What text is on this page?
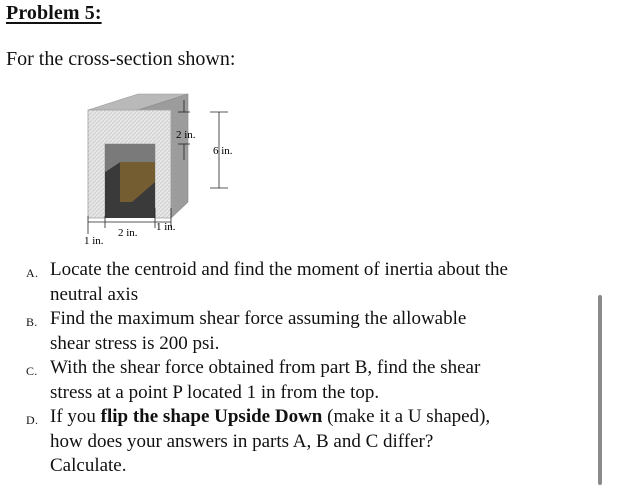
Problem 5:
For the cross-section shown:
2 in.
6 in.
1 in.
2 in. 1 in.
A. Locate the centroid and find the moment of inertia about the
neutral axis
B. Find the maximum shear force assuming the allowable
shear stress is 200 psi.
C. With the shear force obtained from part B, find the shear
stress at a point P located 1 in from the top.
D. If you flip the shape Upside Down (make it a U shaped),
how does your answers in parts A, B and C differ?
Calculate.
